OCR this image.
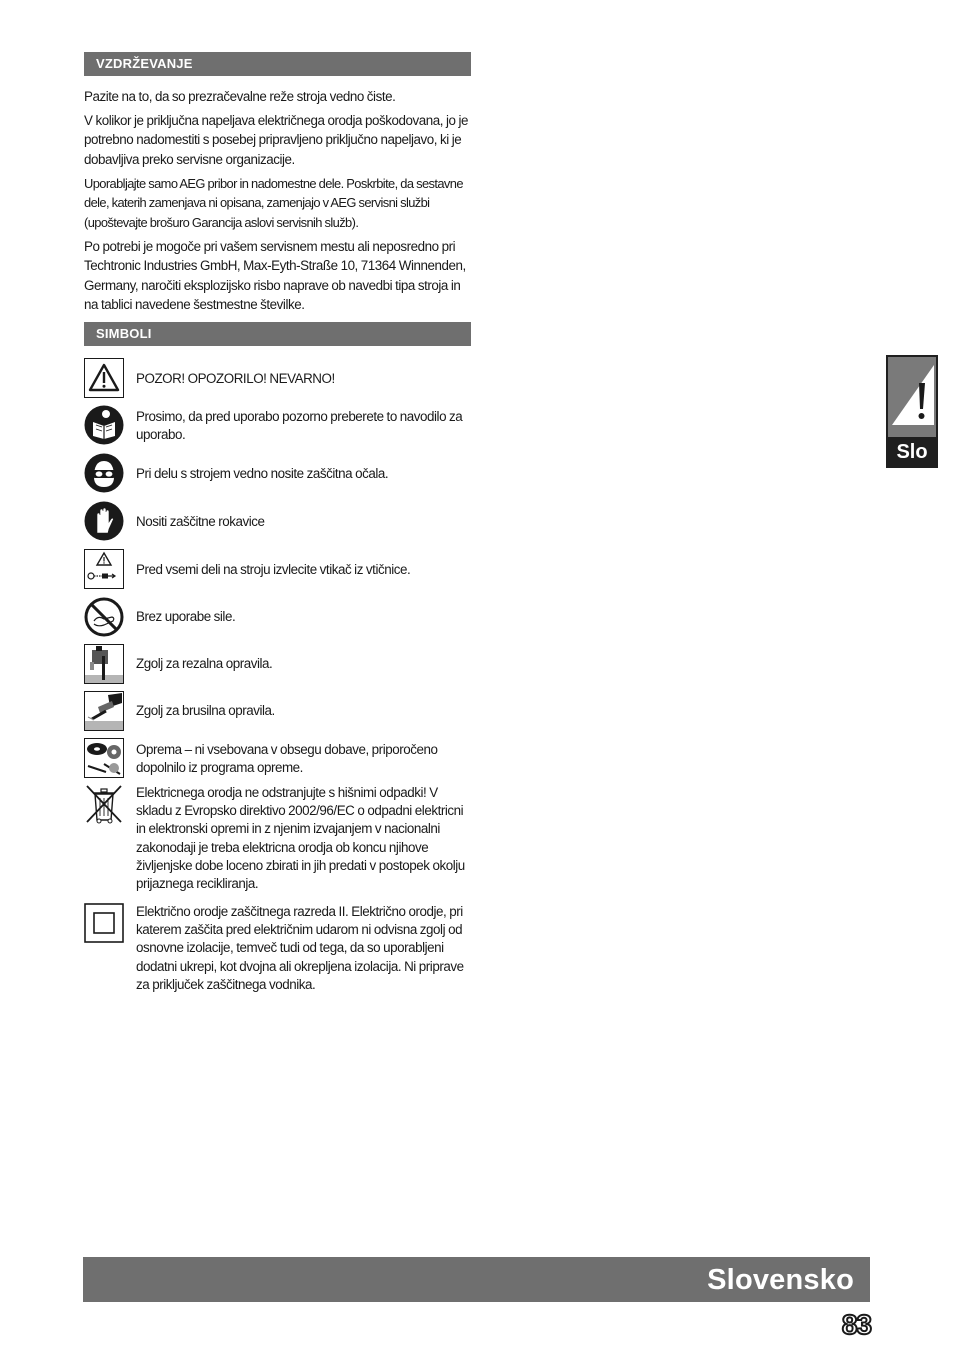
VZDRŽEVANJE

Pazite na to, da so prezračevalne reže stroja vedno čiste.

V kolikor je priključna napeljava električnega orodja poškodovana, jo je potrebno nadomestiti s posebej pripravljeno priključno napeljavo, ki je dobavljiva preko servisne organizacije.

Uporabljajte samo AEG pribor in nadomestne dele. Poskrbite, da sestavne dele, katerih zamenjava ni opisana, zamenjajo v AEG servisni službi (upoštevajte brošuro Garancija aslovi servisnih služb).

Po potrebi je mogoče pri vašem servisnem mestu ali neposredno pri Techtronic Industries GmbH, Max-Eyth-Straße 10, 71364 Winnenden, Germany, naročiti eksplozijsko risbo naprave ob navedbi tipa stroja in na tablici navedene šestmestne številke.

SIMBOLI
POZOR! OPOZORILO! NEVARNO!
Prosimo, da pred uporabo pozorno preberete to navodilo za uporabo.
Pri delu s strojem vedno nosite zaščitna očala.
Nositi zaščitne rokavice
Pred vsemi deli na stroju izvlecite vtikač iz vtičnice.
Brez uporabe sile.
Zgolj za rezalna opravila.
Zgolj za brusilna opravila.
Oprema – ni vsebovana v obsegu dobave, priporočeno dopolnilo iz programa opreme.
Elektricnega orodja ne odstranjujte s hišnimi odpadki! V skladu z Evropsko direktivo 2002/96/EC o odpadni elektricni in elektronski opremi in z njenim izvajanjem v nacionalni zakonodaji je treba elektricna orodja ob koncu njihove življenjske dobe loceno zbirati in jih predati v postopek okolju prijaznega recikliranja.
Električno orodje zaščitnega razreda II. Električno orodje, pri katerem zaščita pred električnim udarom ni odvisna zgolj od osnovne izolacije, temveč tudi od tega, da so uporabljeni dodatni ukrepi, kot dvojna ali okrepljena izolacija. Ni pripravе za priključek zaščitnega vodnika.
Slo
Slovensko
83
